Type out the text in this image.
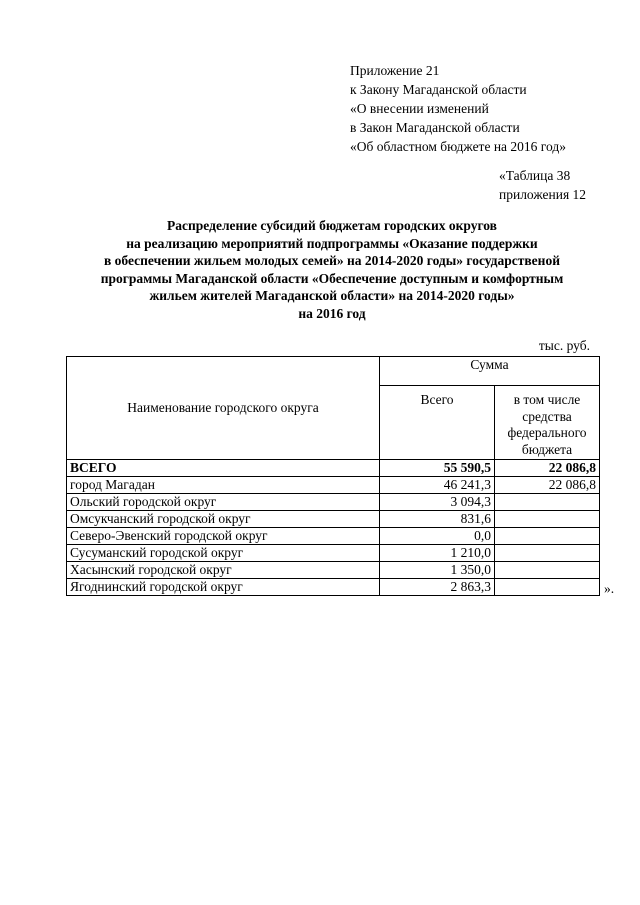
Приложение 21
к Закону Магаданской области
«О внесении изменений
в Закон Магаданской области
«Об областном бюджете на 2016 год»
«Таблица 38
приложения 12
Распределение субсидий бюджетам городских округов
на реализацию мероприятий подпрограммы «Оказание поддержки
в обеспечении жильем молодых семей» на 2014-2020 годы» государственой
программы Магаданской области «Обеспечение доступным и комфортным
жильем жителей Магаданской области» на 2014-2020 годы»
на 2016 год
тыс. руб.
Наименование городского округа	Сумма	
	Всего	в том числе средства федерального бюджета
ВСЕГО	55 590,5	22 086,8
город Магадан	46 241,3	22 086,8
Ольский городской округ	3 094,3	
Омсукчанский городской округ	831,6	
Северо-Эвенский городской округ	0,0	
Сусуманский городской округ	1 210,0	
Хасынский городской округ	1 350,0	
Ягоднинский городской округ	2 863,3		».
